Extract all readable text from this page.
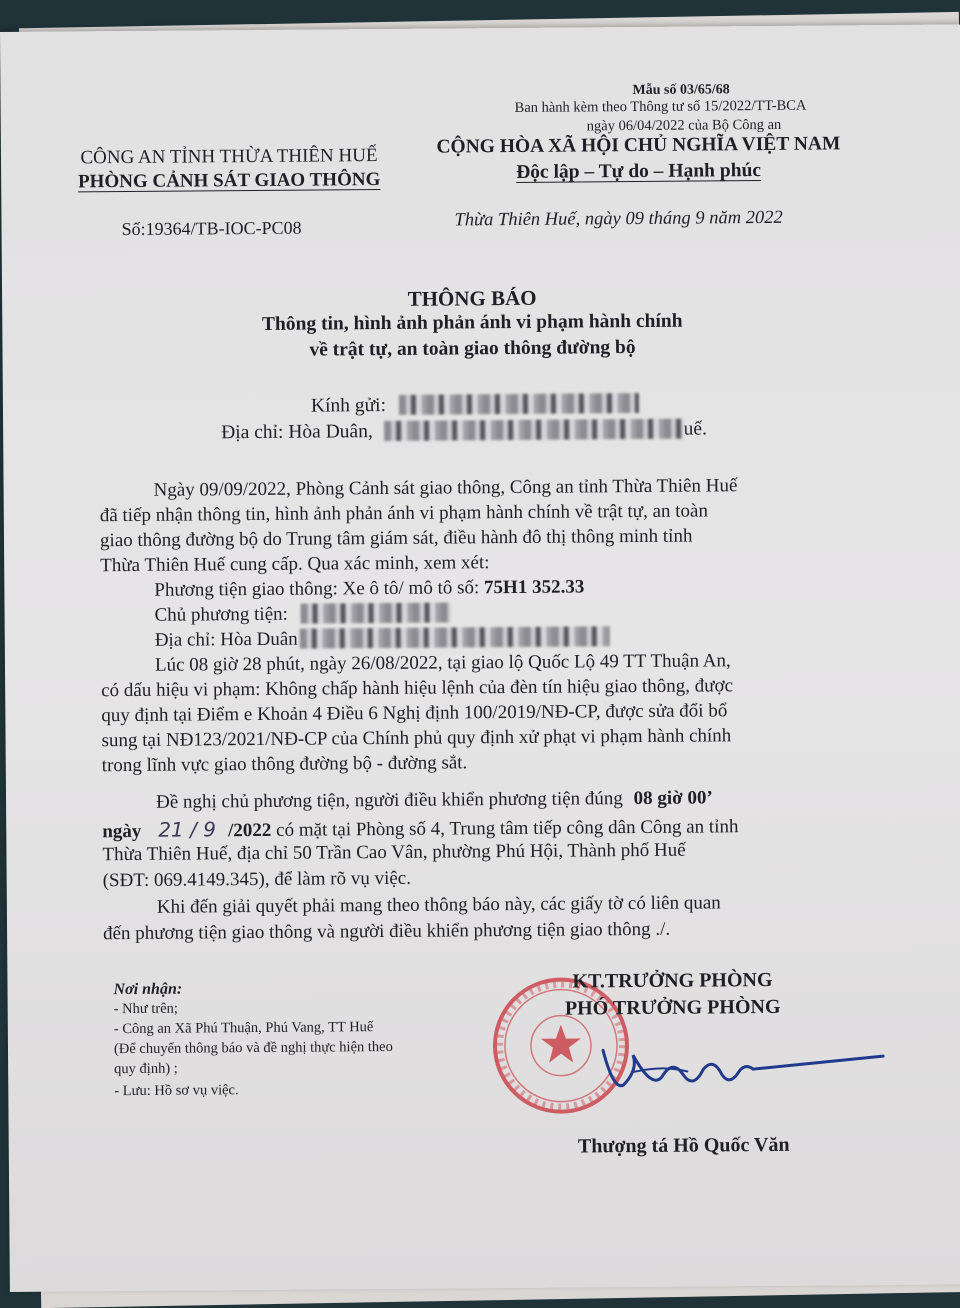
Mẫu số 03/65/68
Ban hành kèm theo Thông tư số 15/2022/TT-BCA
ngày 06/04/2022 của Bộ Công an
CÔNG AN TỈNH THỪA THIÊN HUẾ
PHÒNG CẢNH SÁT GIAO THÔNG
CỘNG HÒA XÃ HỘI CHỦ NGHĨA VIỆT NAM
Độc lập – Tự do – Hạnh phúc
Số:19364/TB-IOC-PC08	Thừa Thiên Huế, ngày 09 tháng 9 năm 2022
THÔNG BÁO
Thông tin, hình ảnh phản ánh vi phạm hành chính
về trật tự, an toàn giao thông đường bộ
Kính gửi:
Địa chỉ: Hòa Duân,	uế.
Ngày 09/09/2022, Phòng Cảnh sát giao thông, Công an tỉnh Thừa Thiên Huế
đã tiếp nhận thông tin, hình ảnh phản ánh vi phạm hành chính về trật tự, an toàn
giao thông đường bộ do Trung tâm giám sát, điều hành đô thị thông minh tỉnh
Thừa Thiên Huế cung cấp. Qua xác minh, xem xét:
Phương tiện giao thông: Xe ô tô/ mô tô số: 75H1 352.33
Chủ phương tiện:
Địa chỉ: Hòa Duân
Lúc 08 giờ 28 phút, ngày 26/08/2022, tại giao lộ Quốc Lộ 49 TT Thuận An,
có dấu hiệu vi phạm: Không chấp hành hiệu lệnh của đèn tín hiệu giao thông, được
quy định tại Điểm e Khoản 4 Điều 6 Nghị định 100/2019/NĐ-CP, được sửa đổi bổ
sung tại NĐ123/2021/NĐ-CP của Chính phủ quy định xử phạt vi phạm hành chính
trong lĩnh vực giao thông đường bộ - đường sắt.
Đề nghị chủ phương tiện, người điều khiển phương tiện đúng 08 giờ 00’
ngày 21 / 9 /2022 có mặt tại Phòng số 4, Trung tâm tiếp công dân Công an tỉnh
Thừa Thiên Huế, địa chỉ 50 Trần Cao Vân, phường Phú Hội, Thành phố Huế
(SĐT: 069.4149.345), để làm rõ vụ việc.
Khi đến giải quyết phải mang theo thông báo này, các giấy tờ có liên quan
đến phương tiện giao thông và người điều khiển phương tiện giao thông ./.
Nơi nhận:
- Như trên;
- Công an Xã Phú Thuận, Phú Vang, TT Huế
(Để chuyển thông báo và đề nghị thực hiện theo
quy định) ;
- Lưu: Hồ sơ vụ việc.
KT.TRƯỞNG PHÒNG
PHÓ TRƯỞNG PHÒNG
Thượng tá Hồ Quốc Văn
